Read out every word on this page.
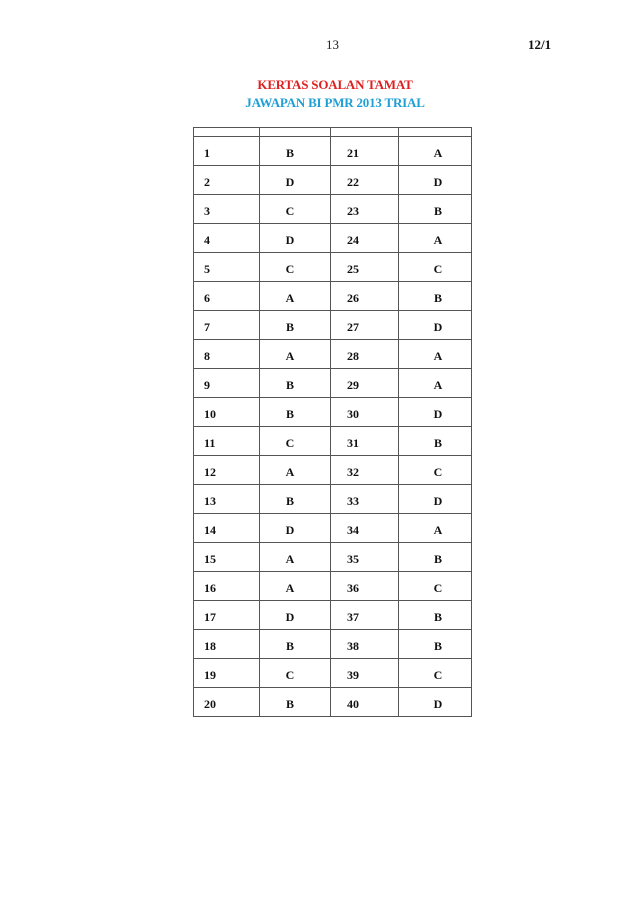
13	12/1
KERTAS SOALAN TAMAT
JAWAPAN BI PMR 2013 TRIAL

1	B	21	A
2	D	22	D
3	C	23	B
4	D	24	A
5	C	25	C
6	A	26	B
7	B	27	D
8	A	28	A
9	B	29	A
10	B	30	D
11	C	31	B
12	A	32	C
13	B	33	D
14	D	34	A
15	A	35	B
16	A	36	C
17	D	37	B
18	B	38	B
19	C	39	C
20	B	40	D
